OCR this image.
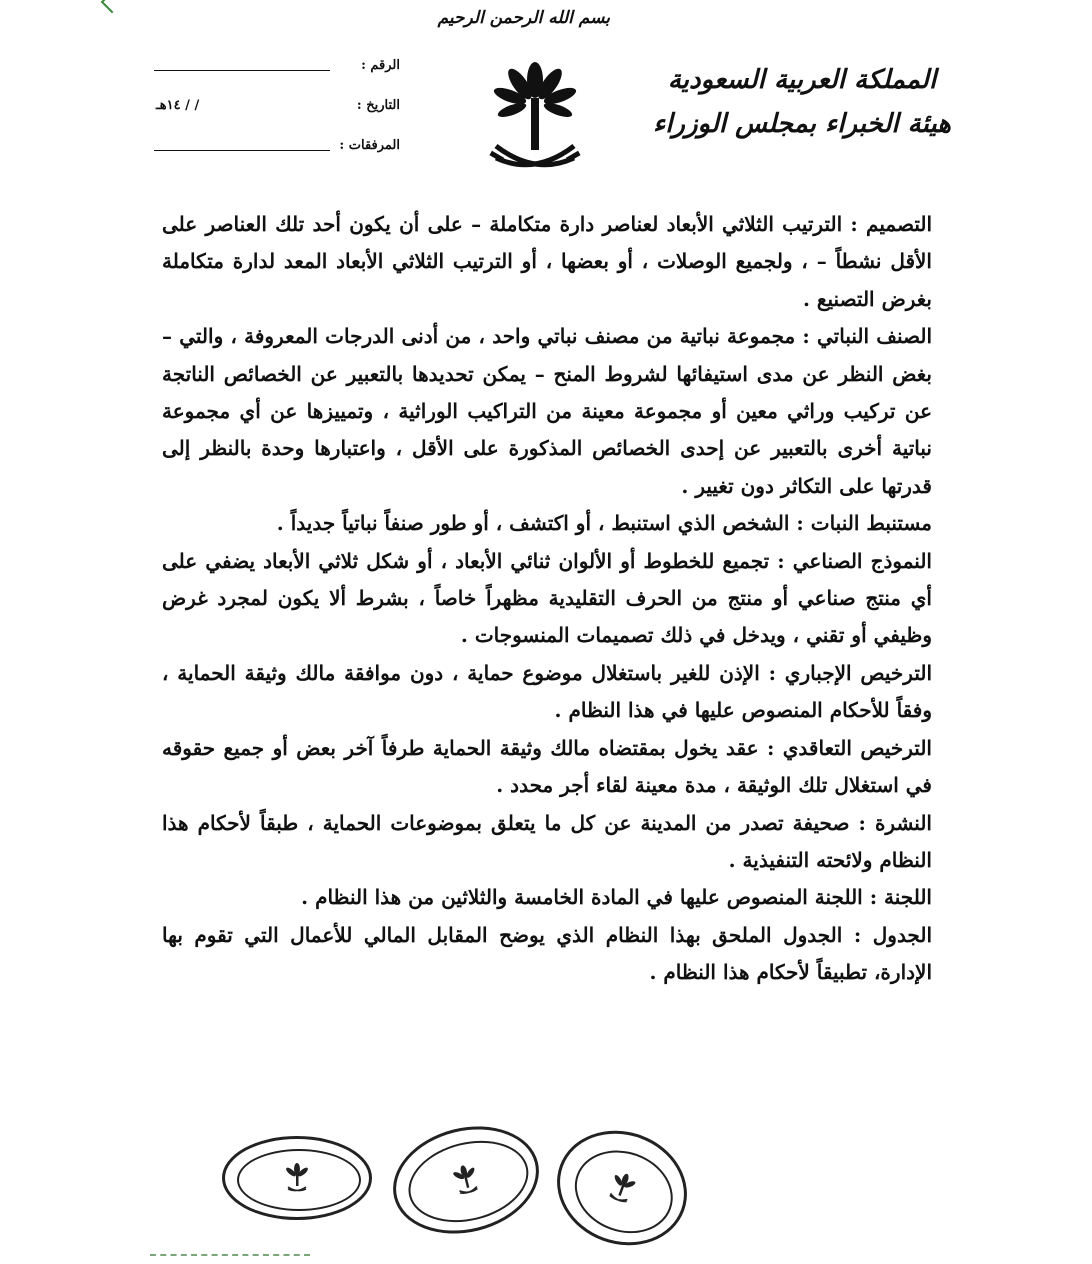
بسم الله الرحمن الرحيم
المملكة العربية السعودية
هيئة الخبراء بمجلس الوزراء
الرقم :
التاريخ :
/ / ١٤هـ
المرفقات :

التصميم : الترتيب الثلاثي الأبعاد لعناصر دارة متكاملة – على أن يكون أحد تلك العناصر على الأقل نشطاً – ، ولجميع الوصلات ، أو بعضها ، أو الترتيب الثلاثي الأبعاد المعد لدارة متكاملة بغرض التصنيع .

الصنف النباتي : مجموعة نباتية من مصنف نباتي واحد ، من أدنى الدرجات المعروفة ، والتي – بغض النظر عن مدى استيفائها لشروط المنح – يمكن تحديدها بالتعبير عن الخصائص الناتجة عن تركيب وراثي معين أو مجموعة معينة من التراكيب الوراثية ، وتمييزها عن أي مجموعة نباتية أخرى بالتعبير عن إحدى الخصائص المذكورة على الأقل ، واعتبارها وحدة بالنظر إلى قدرتها على التكاثر دون تغيير .

مستنبط النبات : الشخص الذي استنبط ، أو اكتشف ، أو طور صنفاً نباتياً جديداً .

النموذج الصناعي : تجميع للخطوط أو الألوان ثنائي الأبعاد ، أو شكل ثلاثي الأبعاد يضفي على أي منتج صناعي أو منتج من الحرف التقليدية مظهراً خاصاً ، بشرط ألا يكون لمجرد غرض وظيفي أو تقني ، ويدخل في ذلك تصميمات المنسوجات .

الترخيص الإجباري : الإذن للغير باستغلال موضوع حماية ، دون موافقة مالك وثيقة الحماية ، وفقاً للأحكام المنصوص عليها في هذا النظام .

الترخيص التعاقدي : عقد يخول بمقتضاه مالك وثيقة الحماية طرفاً آخر بعض أو جميع حقوقه في استغلال تلك الوثيقة ، مدة معينة لقاء أجر محدد .

النشرة : صحيفة تصدر من المدينة عن كل ما يتعلق بموضوعات الحماية ، طبقاً لأحكام هذا النظام ولائحته التنفيذية .

اللجنة : اللجنة المنصوص عليها في المادة الخامسة والثلاثين من هذا النظام .

الجدول : الجدول الملحق بهذا النظام الذي يوضح المقابل المالي للأعمال التي تقوم بها الإدارة، تطبيقاً لأحكام هذا النظام .
